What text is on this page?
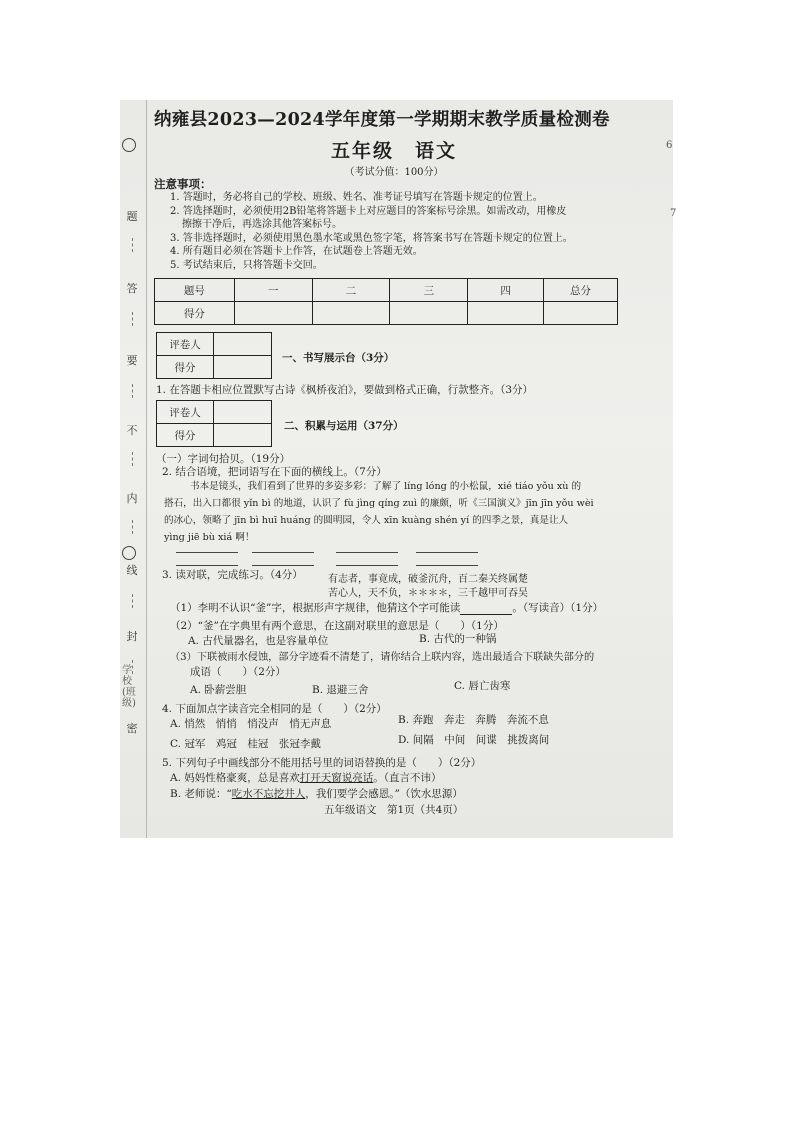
题
答
要
不
内
线
封
密
学校(班级)
纳雍县2023—2024学年度第一学期期末教学质量检测卷
五年级　语文
（考试分值：100分）
注意事项：
1. 答题时，务必将自己的学校、班级、姓名、准考证号填写在答题卡规定的位置上。
2. 答选择题时，必须使用2B铅笔将答题卡上对应题目的答案标号涂黑。如需改动，用橡皮
擦擦干净后，再选涂其他答案标号。
3. 答非选择题时，必须使用黑色墨水笔或黑色签字笔，将答案书写在答题卡规定的位置上。
4. 所有题目必须在答题卡上作答，在试题卷上答题无效。
5. 考试结束后，只将答题卡交回。
题号	一	二	三	四	总分
得分					
评卷人	
得分	
一、书写展示台（3分）
1. 在答题卡相应位置默写古诗《枫桥夜泊》，要做到格式正确，行款整齐。（3分）
评卷人	
得分	
二、积累与运用（37分）
（一）字词句拾贝。（19分）
2. 结合语境，把词语写在下面的横线上。（7分）
书本是镜头，我们看到了世界的多姿多彩：了解了 líng lóng 的小松鼠，xié tiáo yǒu xù 的
搭石，出入口都很 yǐn bì 的地道，认识了 fù jìng qíng zuì 的廉颇，听《三国演义》jīn jīn yǒu wèi
的冰心，领略了 jīn bì huī huáng 的圆明园，令人 xīn kuàng shén yí 的四季之景，真是让人
yìng jiē bù xiá 啊！
3. 读对联，完成练习。（4分）	有志者，事竟成，破釜沉舟，百二秦关终属楚
苦心人，天不负，＊＊＊＊，三千越甲可吞吴
（1）李明不认识“釜”字，根据形声字规律，他猜这个字可能读	。（写读音）（1分）
（2）“釜”在字典里有两个意思，在这副对联里的意思是（　　）（1分）
A. 古代量器名，也是容量单位	B. 古代的一种锅
（3）下联被雨水侵蚀，部分字迹看不清楚了，请你结合上联内容，选出最适合下联缺失部分的
成语（　　）（2分）
A. 卧薪尝胆	B. 退避三舍	C. 唇亡齿寒
4. 下面加点字读音完全相同的是（　　）（2分）
A. 悄然　悄悄　悄没声　悄无声息	B. 奔跑　奔走　奔腾　奔流不息
C. 冠军　鸡冠　桂冠　张冠李戴	D. 间隔　中间　间谍　挑拨离间
5. 下列句子中画线部分不能用括号里的词语替换的是（　　）（2分）
A. 妈妈性格豪爽，总是喜欢打开天窗说亮话。（直言不讳）
B. 老师说：“吃水不忘挖井人，我们要学会感恩。”（饮水思源）
五年级语文　第1页（共4页）
6
7
